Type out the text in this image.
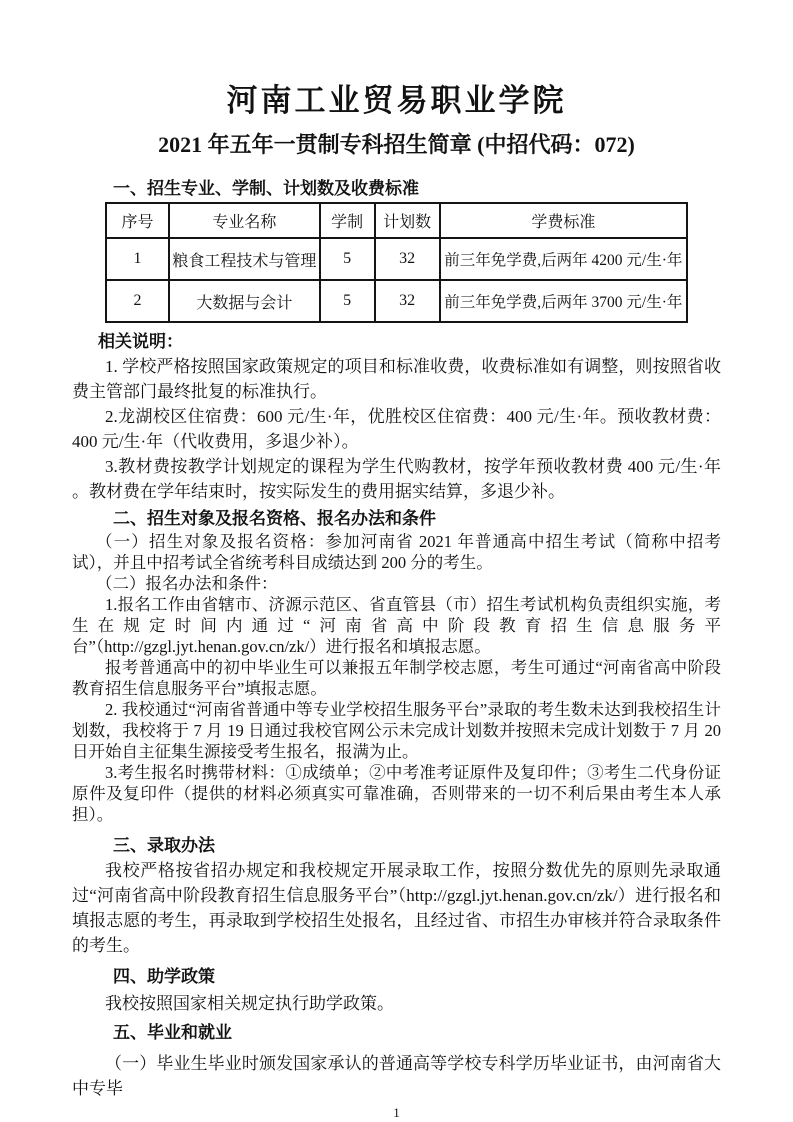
河南工业贸易职业学院
2021 年五年一贯制专科招生简章 (中招代码：072)
一、招生专业、学制、计划数及收费标准
序号	专业名称	学制	计划数	学费标准
1	粮食工程技术与管理	5	32	前三年免学费,后两年 4200 元/生·年
2	大数据与会计	5	32	前三年免学费,后两年 3700 元/生·年
相关说明：

1. 学校严格按照国家政策规定的项目和标准收费，收费标准如有调整，则按照省收费主管部门最终批复的标准执行。

2.龙湖校区住宿费：600 元/生·年，优胜校区住宿费：400 元/生·年。预收教材费：400 元/生·年（代收费用，多退少补）。

3.教材费按教学计划规定的课程为学生代购教材，按学年预收教材费 400 元/生·年 。教材费在学年结束时，按实际发生的费用据实结算，多退少补。

二、招生对象及报名资格、报名办法和条件

（一）招生对象及报名资格：参加河南省 2021 年普通高中招生考试（简称中招考试），并且中招考试全省统考科目成绩达到 200 分的考生。

（二）报名办法和条件：

1.报名工作由省辖市、济源示范区、省直管县（市）招生考试机构负责组织实施，考生在规定时间内通过“河南省高中阶段教育招生信息服务平台”（http://gzgl.jyt.henan.gov.cn/zk/）进行报名和填报志愿。

报考普通高中的初中毕业生可以兼报五年制学校志愿，考生可通过“河南省高中阶段教育招生信息服务平台”填报志愿。

2. 我校通过“河南省普通中等专业学校招生服务平台”录取的考生数未达到我校招生计划数，我校将于 7 月 19 日通过我校官网公示未完成计划数并按照未完成计划数于 7 月 20 日开始自主征集生源接受考生报名，报满为止。

3.考生报名时携带材料：①成绩单；②中考准考证原件及复印件；③考生二代身份证原件及复印件（提供的材料必须真实可靠准确，否则带来的一切不利后果由考生本人承担）。

三、录取办法

我校严格按省招办规定和我校规定开展录取工作，按照分数优先的原则先录取通过“河南省高中阶段教育招生信息服务平台”（http://gzgl.jyt.henan.gov.cn/zk/）进行报名和填报志愿的考生，再录取到学校招生处报名，且经过省、市招生办审核并符合录取条件的考生。

四、助学政策

我校按照国家相关规定执行助学政策。

五、毕业和就业

（一）毕业生毕业时颁发国家承认的普通高等学校专科学历毕业证书，由河南省大中专毕

1
